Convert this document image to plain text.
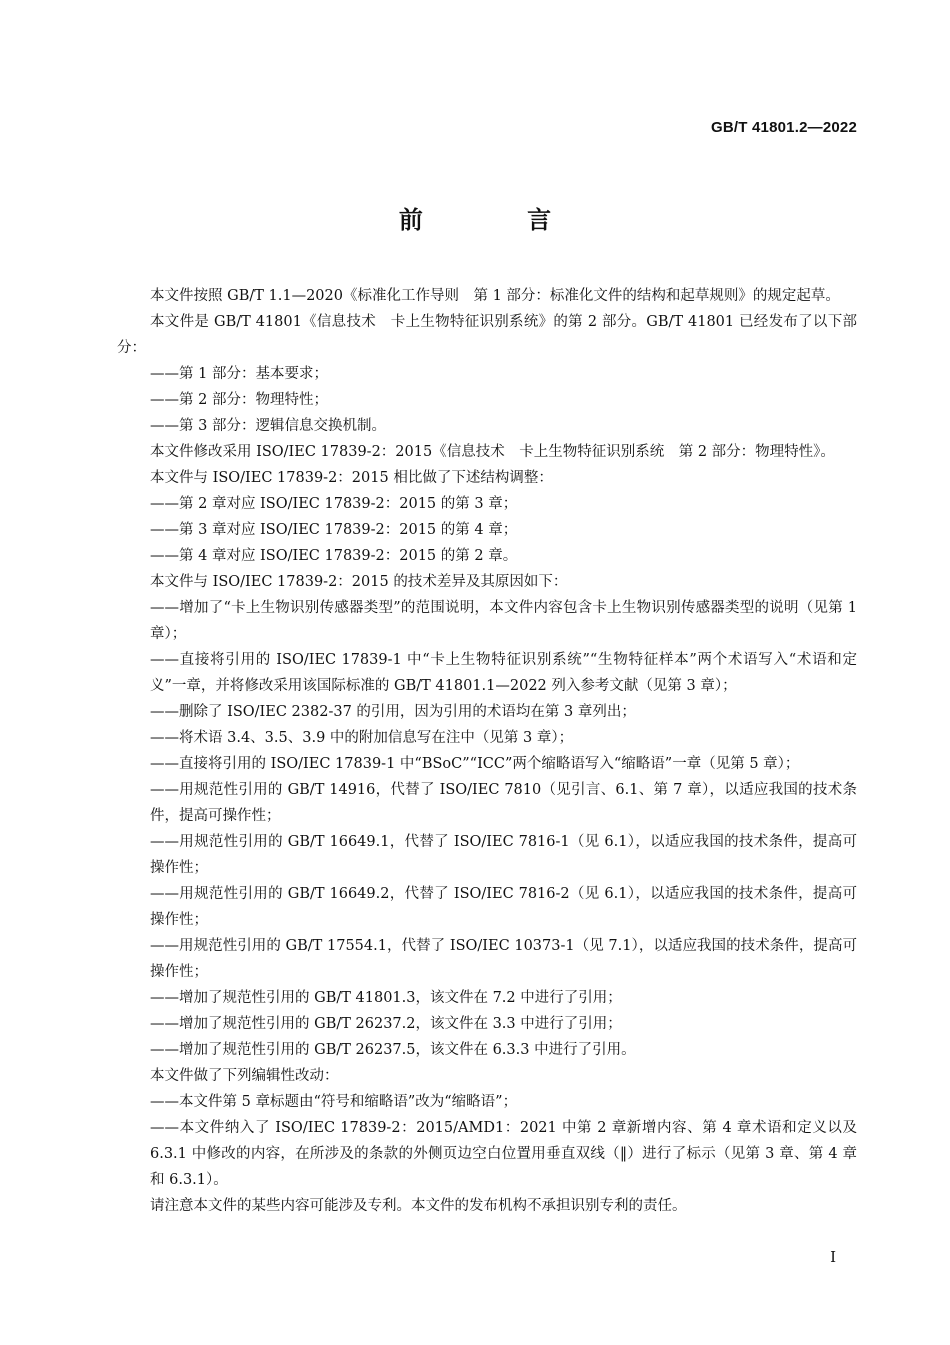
GB/T 41801.2—2022
前 言

本文件按照 GB/T 1.1—2020《标准化工作导则　第 1 部分：标准化文件的结构和起草规则》的规定起草。

本文件是 GB/T 41801《信息技术　卡上生物特征识别系统》的第 2 部分。GB/T 41801 已经发布了以下部分：

——第 1 部分：基本要求；

——第 2 部分：物理特性；

——第 3 部分：逻辑信息交换机制。

本文件修改采用 ISO/IEC 17839-2：2015《信息技术　卡上生物特征识别系统　第 2 部分：物理特性》。

本文件与 ISO/IEC 17839-2：2015 相比做了下述结构调整：

——第 2 章对应 ISO/IEC 17839-2：2015 的第 3 章；

——第 3 章对应 ISO/IEC 17839-2：2015 的第 4 章；

——第 4 章对应 ISO/IEC 17839-2：2015 的第 2 章。

本文件与 ISO/IEC 17839-2：2015 的技术差异及其原因如下：

——增加了“卡上生物识别传感器类型”的范围说明，本文件内容包含卡上生物识别传感器类型的说明（见第 1 章）；

——直接将引用的 ISO/IEC 17839-1 中“卡上生物特征识别系统”“生物特征样本”两个术语写入“术语和定义”一章，并将修改采用该国际标准的 GB/T 41801.1—2022 列入参考文献（见第 3 章）；

——删除了 ISO/IEC 2382-37 的引用，因为引用的术语均在第 3 章列出；

——将术语 3.4、3.5、3.9 中的附加信息写在注中（见第 3 章）；

——直接将引用的 ISO/IEC 17839-1 中“BSoC”“ICC”两个缩略语写入“缩略语”一章（见第 5 章）；

——用规范性引用的 GB/T 14916，代替了 ISO/IEC 7810（见引言、6.1、第 7 章），以适应我国的技术条件，提高可操作性；

——用规范性引用的 GB/T 16649.1，代替了 ISO/IEC 7816-1（见 6.1），以适应我国的技术条件，提高可操作性；

——用规范性引用的 GB/T 16649.2，代替了 ISO/IEC 7816-2（见 6.1），以适应我国的技术条件，提高可操作性；

——用规范性引用的 GB/T 17554.1，代替了 ISO/IEC 10373-1（见 7.1），以适应我国的技术条件，提高可操作性；

——增加了规范性引用的 GB/T 41801.3，该文件在 7.2 中进行了引用；

——增加了规范性引用的 GB/T 26237.2，该文件在 3.3 中进行了引用；

——增加了规范性引用的 GB/T 26237.5，该文件在 6.3.3 中进行了引用。

本文件做了下列编辑性改动：

——本文件第 5 章标题由“符号和缩略语”改为“缩略语”；

——本文件纳入了 ISO/IEC 17839-2：2015/AMD1：2021 中第 2 章新增内容、第 4 章术语和定义以及 6.3.1 中修改的内容，在所涉及的条款的外侧页边空白位置用垂直双线（‖）进行了标示（见第 3 章、第 4 章和 6.3.1）。

请注意本文件的某些内容可能涉及专利。本文件的发布机构不承担识别专利的责任。

I
